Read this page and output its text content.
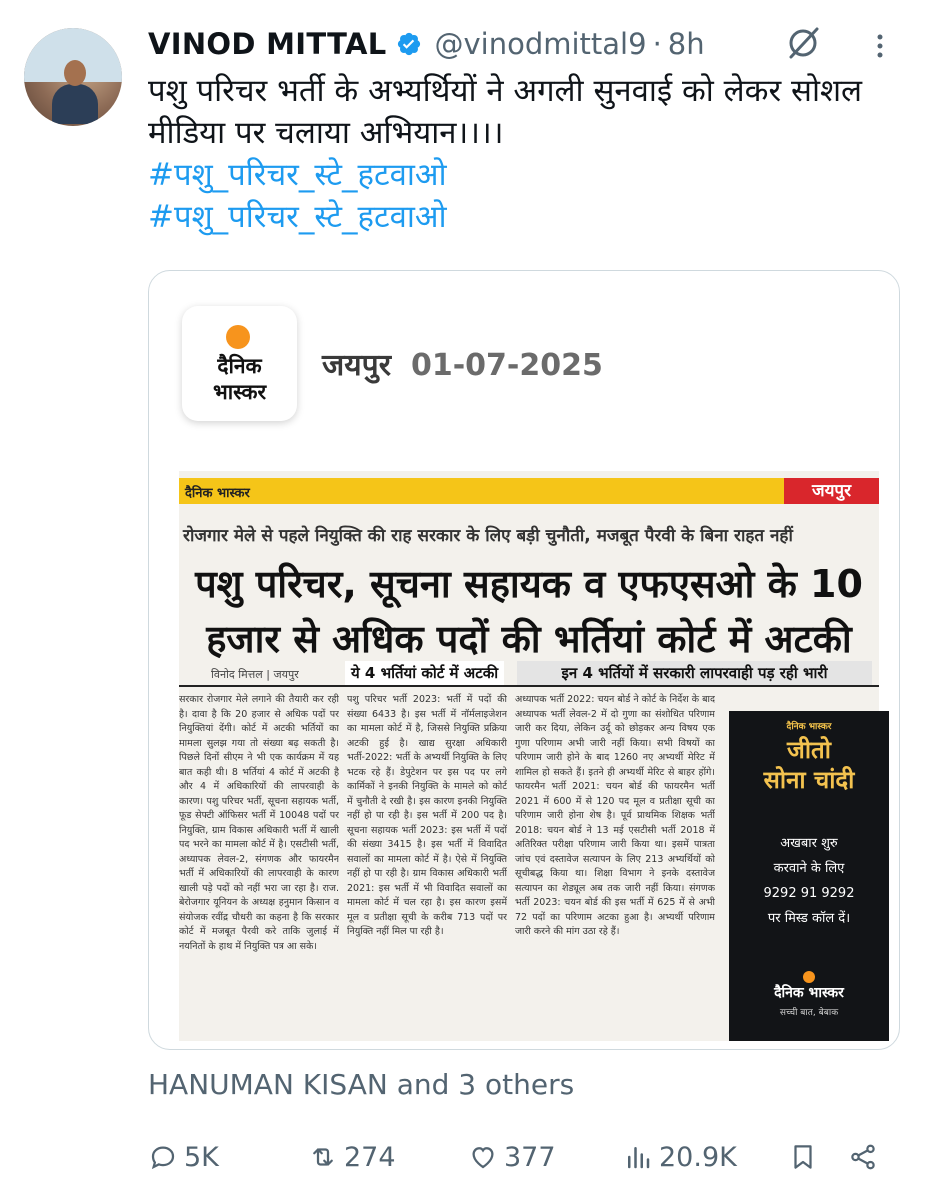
VINOD MITTAL @vinodmittal9 · 8h

पशु परिचर भर्ती के अभ्यर्थियों ने अगली सुनवाई को लेकर सोशल मीडिया पर चलाया अभियान।।।।

#पशु_परिचर_स्टे_हटवाओ
#पशु_परिचर_स्टे_हटवाओ
दैनिक
भास्कर
जयपुर 01-07-2025
दैनिक भास्कर	जयपुर
रोजगार मेले से पहले नियुक्ति की राह सरकार के लिए बड़ी चुनौती, मजबूत पैरवी के बिना राहत नहीं
पशु परिचर, सूचना सहायक व एफएसओ के 10 हजार से अधिक पदों की भर्तियां कोर्ट में अटकी
विनोद मित्तल | जयपुर	ये 4 भर्तियां कोर्ट में अटकी	इन 4 भर्तियों में सरकारी लापरवाही पड़ रही भारी
सरकार रोजगार मेले लगाने की तैयारी कर रही है। दावा है कि 20 हजार से अधिक पदों पर नियुक्तियां देंगी। कोर्ट में अटकी भर्तियों का मामला सुलझ गया तो संख्या बढ़ सकती है। पिछले दिनों सीएम ने भी एक कार्यक्रम में यह बात कही थी। 8 भर्तियां 4 कोर्ट में अटकी है और 4 में अधिकारियों की लापरवाही के कारण। पशु परिचर भर्ती, सूचना सहायक भर्ती, फूड सेफ्टी ऑफिसर भर्ती में 10048 पदों पर नियुक्ति, ग्राम विकास अधिकारी भर्ती में खाली पद भरने का मामला कोर्ट में है। एसटीसी भर्ती, अध्यापक लेवल-2, संगणक और फायरमैन भर्ती में अधिकारियों की लापरवाही के कारण खाली पड़े पदों को नहीं भरा जा रहा है। राज. बेरोजगार यूनियन के अध्यक्ष हनुमान किसान व संयोजक रवींद्र चौधरी का कहना है कि सरकार कोर्ट में मजबूत पैरवी करे ताकि जुलाई में नयनितों के हाथ में नियुक्ति पत्र आ सके।
पशु परिचर भर्ती 2023: भर्ती में पदों की संख्या 6433 है। इस भर्ती में नॉर्मलाइजेशन का मामला कोर्ट में है, जिससे नियुक्ति प्रक्रिया अटकी हुई है। खाद्य सुरक्षा अधिकारी भर्ती-2022: भर्ती के अभ्यर्थी नियुक्ति के लिए भटक रहे हैं। डेपुटेशन पर इस पद पर लगे कार्मिकों ने इनकी नियुक्ति के मामले को कोर्ट में चुनौती दे रखी है। इस कारण इनकी नियुक्ति नहीं हो पा रही है। इस भर्ती में 200 पद है। सूचना सहायक भर्ती 2023: इस भर्ती में पदों की संख्या 3415 है। इस भर्ती में विवादित सवालों का मामला कोर्ट में है। ऐसे में नियुक्ति नहीं हो पा रही है। ग्राम विकास अधिकारी भर्ती 2021: इस भर्ती में भी विवादित सवालों का मामला कोर्ट में चल रहा है। इस कारण इसमें मूल व प्रतीक्षा सूची के करीब 713 पदों पर नियुक्ति नहीं मिल पा रही है।
अध्यापक भर्ती 2022: चयन बोर्ड ने कोर्ट के निर्देश के बाद अध्यापक भर्ती लेवल-2 में दो गुणा का संशोधित परिणाम जारी कर दिया, लेकिन उर्दू को छोड़कर अन्य विषय एक गुणा परिणाम अभी जारी नहीं किया। सभी विषयों का परिणाम जारी होने के बाद 1260 नए अभ्यर्थी मेरिट में शामिल हो सकते हैं। इतने ही अभ्यर्थी मेरिट से बाहर होंगे। फायरमैन भर्ती 2021: चयन बोर्ड की फायरमैन भर्ती 2021 में 600 में से 120 पद मूल व प्रतीक्षा सूची का परिणाम जारी होना शेष है। पूर्व प्राथमिक शिक्षक भर्ती 2018: चयन बोर्ड ने 13 मई एसटीसी भर्ती 2018 में अतिरिक्त परीक्षा परिणाम जारी किया था। इसमें पात्रता जांच एवं दस्तावेज सत्यापन के लिए 213 अभ्यर्थियों को सूचीबद्ध किया था। शिक्षा विभाग ने इनके दस्तावेज सत्यापन का शेड्यूल अब तक जारी नहीं किया। संगणक भर्ती 2023: चयन बोर्ड की इस भर्ती में 625 में से अभी 72 पदों का परिणाम अटका हुआ है। अभ्यर्थी परिणाम जारी करने की मांग उठा रहे हैं।
दैनिक भास्कर
जीतो
सोना चांदी
अखबार शुरु
करवाने के लिए
9292 91 9292
पर मिस्ड कॉल दें।
दैनिक भास्कर
सच्ची बात, बेबाक
HANUMAN KISAN and 3 others
5K	274	377	20.9K
